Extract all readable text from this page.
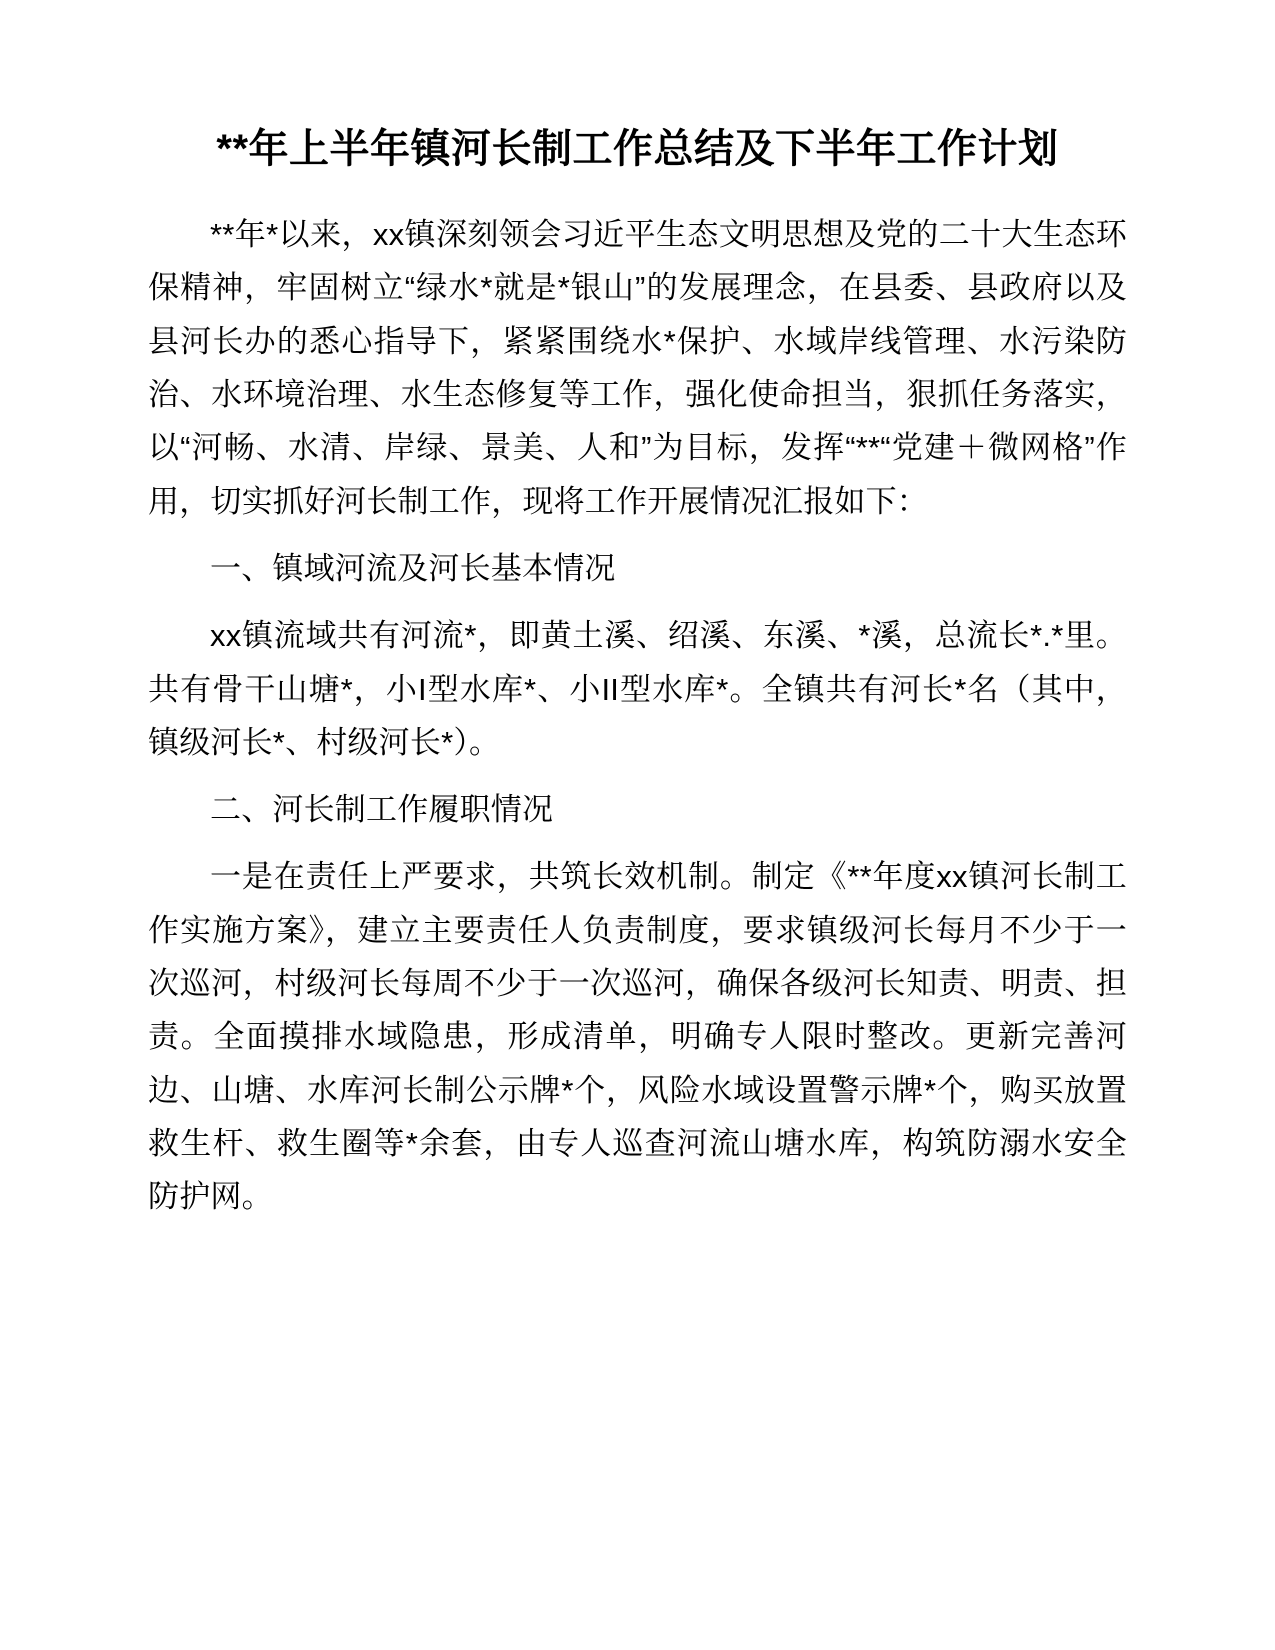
**年上半年镇河长制工作总结及下半年工作计划

**年*以来，xx镇深刻领会习近平生态文明思想及党的二十大生态环保精神，牢固树立“绿水*就是*银山”的发展理念，在县委、县政府以及县河长办的悉心指导下，紧紧围绕水*保护、水域岸线管理、水污染防治、水环境治理、水生态修复等工作，强化使命担当，狠抓任务落实，以“河畅、水清、岸绿、景美、人和”为目标，发挥“**“党建＋微网格”作用，切实抓好河长制工作，现将工作开展情况汇报如下：

一、镇域河流及河长基本情况

xx镇流域共有河流*，即黄土溪、绍溪、东溪、*溪，总流长*.*里。共有骨干山塘*，小I型水库*、小II型水库*。全镇共有河长*名（其中，镇级河长*、村级河长*）。

二、河长制工作履职情况

一是在责任上严要求，共筑长效机制。制定《**年度xx镇河长制工作实施方案》，建立主要责任人负责制度，要求镇级河长每月不少于一次巡河，村级河长每周不少于一次巡河，确保各级河长知责、明责、担责。全面摸排水域隐患，形成清单，明确专人限时整改。更新完善河边、山塘、水库河长制公示牌*个，风险水域设置警示牌*个，购买放置救生杆、救生圈等*余套，由专人巡查河流山塘水库，构筑防溺水安全防护网。
